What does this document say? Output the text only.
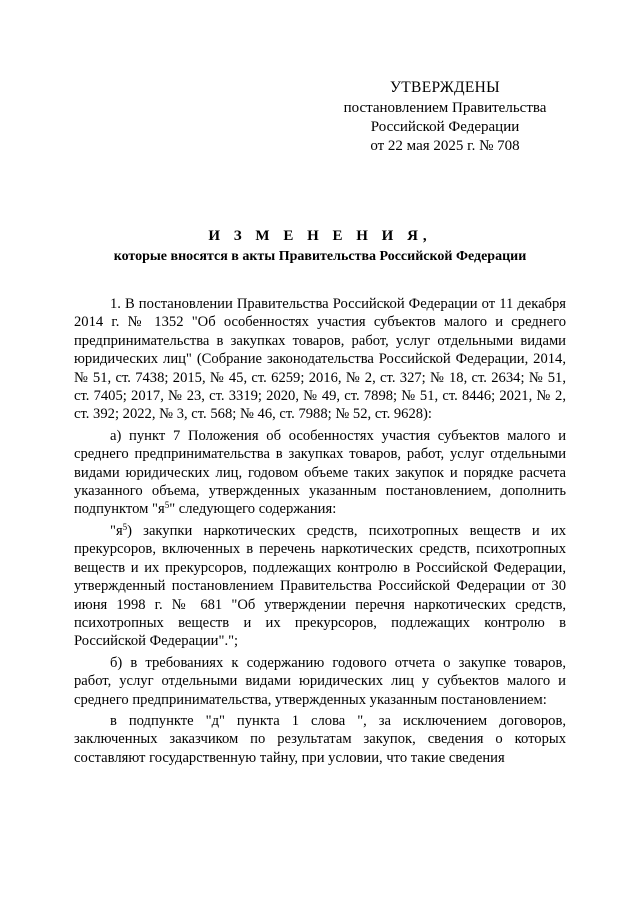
УТВЕРЖДЕНЫ
постановлением Правительства
Российской Федерации
от 22 мая 2025 г. № 708
И З М Е Н Е Н И Я,
которые вносятся в акты Правительства Российской Федерации

1. В постановлении Правительства Российской Федерации от 11 декабря 2014 г. № 1352 "Об особенностях участия субъектов малого и среднего предпринимательства в закупках товаров, работ, услуг отдельными видами юридических лиц" (Собрание законодательства Российской Федерации, 2014, № 51, ст. 7438; 2015, № 45, ст. 6259; 2016, № 2, ст. 327; № 18, ст. 2634; № 51, ст. 7405; 2017, № 23, ст. 3319; 2020, № 49, ст. 7898; № 51, ст. 8446; 2021, № 2, ст. 392; 2022, № 3, ст. 568; № 46, ст. 7988; № 52, ст. 9628):

а) пункт 7 Положения об особенностях участия субъектов малого и среднего предпринимательства в закупках товаров, работ, услуг отдельными видами юридических лиц, годовом объеме таких закупок и порядке расчета указанного объема, утвержденных указанным постановлением, дополнить подпунктом "$я^5$" следующего содержания:

"$я^5$) закупки наркотических средств, психотропных веществ и их прекурсоров, включенных в перечень наркотических средств, психотропных веществ и их прекурсоров, подлежащих контролю в Российской Федерации, утвержденный постановлением Правительства Российской Федерации от 30 июня 1998 г. № 681 "Об утверждении перечня наркотических средств, психотропных веществ и их прекурсоров, подлежащих контролю в Российской Федерации".";

б) в требованиях к содержанию годового отчета о закупке товаров, работ, услуг отдельными видами юридических лиц у субъектов малого и среднего предпринимательства, утвержденных указанным постановлением:

в подпункте "д" пункта 1 слова ", за исключением договоров, заключенных заказчиком по результатам закупок, сведения о которых составляют государственную тайну, при условии, что такие сведения
